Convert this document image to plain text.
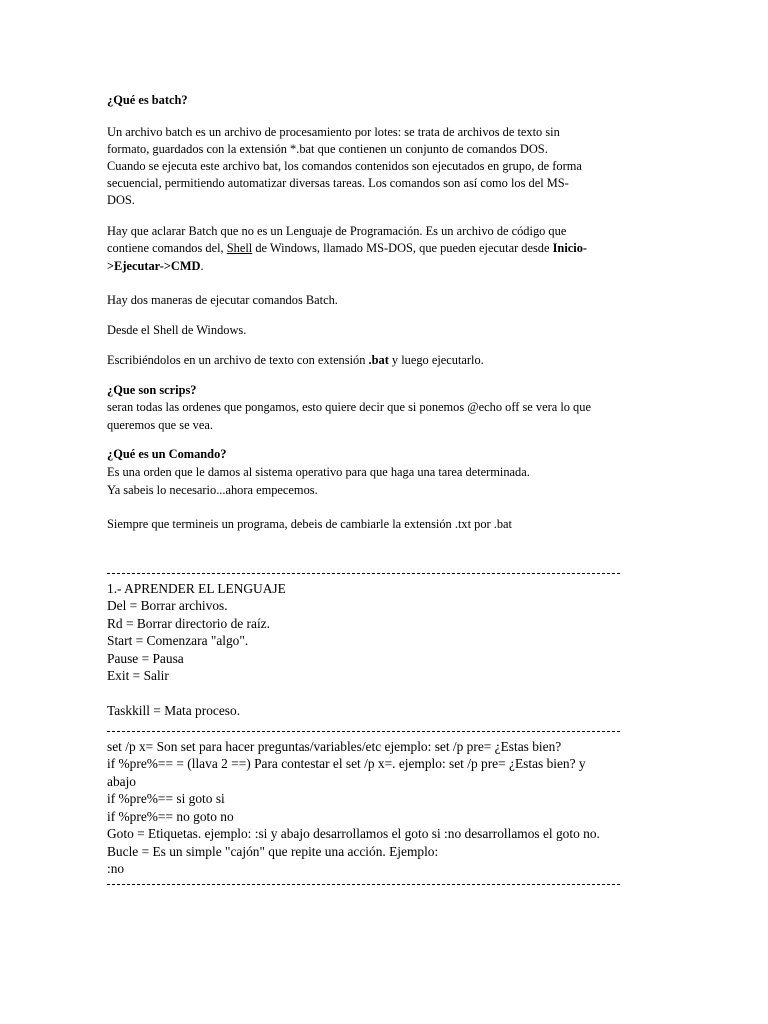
¿Qué es batch?
Un archivo batch es un archivo de procesamiento por lotes: se trata de archivos de texto sin
formato, guardados con la extensión *.bat que contienen un conjunto de comandos DOS.
Cuando se ejecuta este archivo bat, los comandos contenidos son ejecutados en grupo, de forma
secuencial, permitiendo automatizar diversas tareas. Los comandos son así como los del MS-
DOS.
Hay que aclarar Batch que no es un Lenguaje de Programación. Es un archivo de código que
contiene comandos del, Shell de Windows, llamado MS-DOS, que pueden ejecutar desde Inicio-
>Ejecutar->CMD.
Hay dos maneras de ejecutar comandos Batch.
Desde el Shell de Windows.
Escribiéndolos en un archivo de texto con extensión .bat y luego ejecutarlo.
¿Que son scrips?
seran todas las ordenes que pongamos, esto quiere decir que si ponemos @echo off se vera lo que
queremos que se vea.
¿Qué es un Comando?
Es una orden que le damos al sistema operativo para que haga una tarea determinada.
Ya sabeis lo necesario...ahora empecemos.
Siempre que termineis un programa, debeis de cambiarle la extensión .txt por .bat
1.- APRENDER EL LENGUAJE
Del = Borrar archivos.
Rd = Borrar directorio de raíz.
Start = Comenzara "algo".
Pause = Pausa
Exit = Salir
Taskkill = Mata proceso.
set /p x= Son set para hacer preguntas/variables/etc ejemplo: set /p pre= ¿Estas bien?
if %pre%== = (llava 2 ==) Para contestar el set /p x=. ejemplo: set /p pre= ¿Estas bien? y
abajo
if %pre%== si goto si
if %pre%== no goto no
Goto = Etiquetas. ejemplo: :si y abajo desarrollamos el goto si :no desarrollamos el goto no.
Bucle = Es un simple "cajón" que repite una acción. Ejemplo:
:no
